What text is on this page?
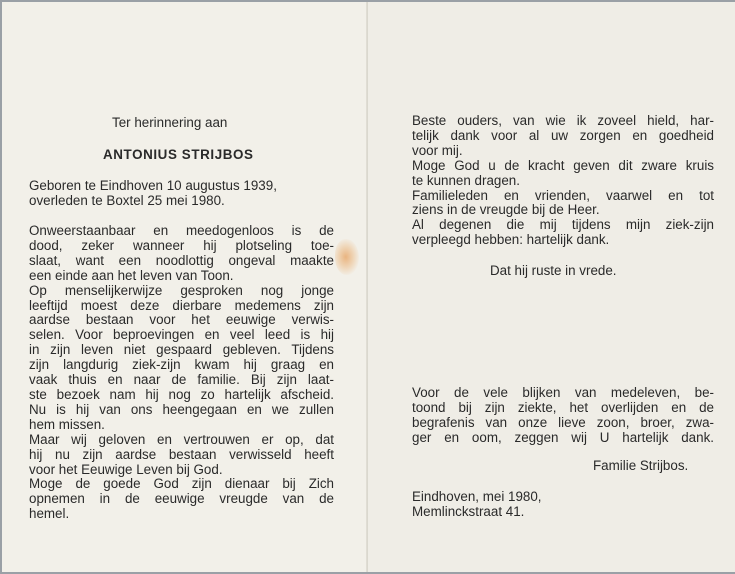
Ter herinnering aan

ANTONIUS STRIJBOS

Geboren te Eindhoven 10 augustus 1939,
overleden te Boxtel 25 mei 1980.
Onweerstaanbaar en meedogenloos is de
dood, zeker wanneer hij plotseling toe-
slaat, want een noodlottig ongeval maakte
een einde aan het leven van Toon.
Op menselijkerwijze gesproken nog jonge
leeftijd moest deze dierbare medemens zijn
aardse bestaan voor het eeuwige verwis-
selen. Voor beproevingen en veel leed is hij
in zijn leven niet gespaard gebleven. Tijdens
zijn langdurig ziek-zijn kwam hij graag en
vaak thuis en naar de familie. Bij zijn laat-
ste bezoek nam hij nog zo hartelijk afscheid.
Nu is hij van ons heengegaan en we zullen
hem missen.
Maar wij geloven en vertrouwen er op, dat
hij nu zijn aardse bestaan verwisseld heeft
voor het Eeuwige Leven bij God.
Moge de goede God zijn dienaar bij Zich
opnemen in de eeuwige vreugde van de
hemel.
Beste ouders, van wie ik zoveel hield, har-
telijk dank voor al uw zorgen en goedheid
voor mij.
Moge God u de kracht geven dit zware kruis
te kunnen dragen.
Familieleden en vrienden, vaarwel en tot
ziens in de vreugde bij de Heer.
Al degenen die mij tijdens mijn ziek-zijn
verpleegd hebben: hartelijk dank.

Dat hij ruste in vrede.

Voor de vele blijken van medeleven, be-
toond bij zijn ziekte, het overlijden en de
begrafenis van onze lieve zoon, broer, zwa-
ger en oom, zeggen wij U hartelijk dank.

Familie Strijbos.

Eindhoven, mei 1980,
Memlinckstraat 41.
